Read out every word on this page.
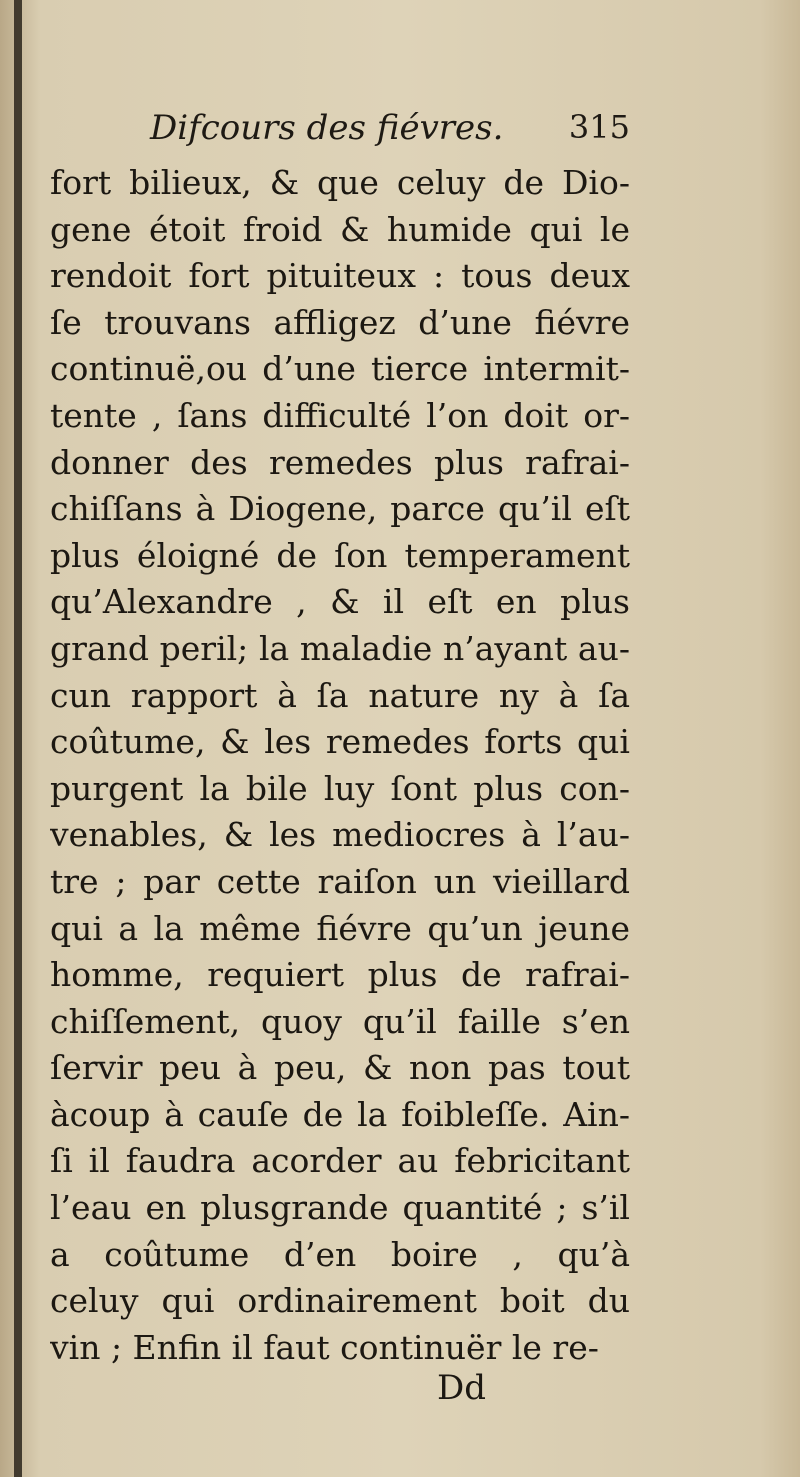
Difcours des fiévres. 315
fort bilieux, & que celuy de Dio-
gene étoit froid & humide qui le
rendoit fort pituiteux : tous deux
ſe trouvans affligez d’une fiévre
continuë,ou d’une tierce intermit-
tente , ſans difficulté l’on doit or-
donner des remedes plus rafrai-
chiſſans à Diogene, parce qu’il eſt
plus éloigné de ſon temperament
qu’Alexandre , & il eſt en plus
grand peril; la maladie n’ayant au-
cun rapport à ſa nature ny à ſa
coûtume, & les remedes forts qui
purgent la bile luy ſont plus con-
venables, & les mediocres à l’au-
tre ; par cette raiſon un vieillard
qui a la même fiévre qu’un jeune
homme, requiert plus de rafrai-
chiſſement, quoy qu’il faille s’en
ſervir peu à peu, & non pas tout
àcoup à cauſe de la foibleſſe. Ain-
ſi il faudra acorder au febricitant
l’eau en plusgrande quantité ; s’il
a coûtume d’en boire , qu’à
celuy qui ordinairement boit du
vin ; Enfin il faut continuër le re-
Dd
